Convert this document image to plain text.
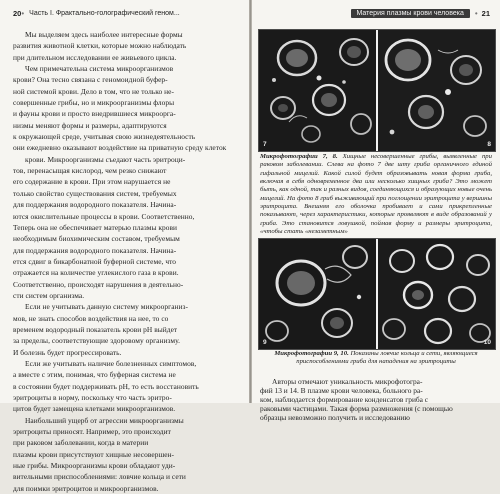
20 • Часть I. Фрактально-голографический геном...
Мы выделяем здесь наиболее интересные формы
развития животной клетки, которые можно наблюдать
при длительном исследовании ее живьевого цикла.
Чем примечательна система микроорганизмов
крови? Она тесно связана с геномоидной буфер-
ной системой крови. Дело в том, что не только не-
совершенные грибы, но и микроорганизмы флоры
и фауны крови и просто внедрившиеся микроорга-
низмы меняют формы и размеры, адаптируются
к окружающей среде, учитывая свою жизнедеятельность
они ежедневно оказывают воздействие на приватную среду клеток
крови. Микроорганизмы съедают часть эритроци-
тов, перенасыщая кислород, чем резко снижают
его содержание в крови. При этом нарушается не
только свойство существования систем, требуемых
для поддержания водородного показателя. Начина-
ются окислительные процессы в крови. Соответственно,
Теперь она не обеспечивает матерью плазмы крови
необходимым биохимическим составом, требуемым
для поддержания водородного показателя. Начина-
ется сдвиг в бикарбонатной буферной системе, что
отражается на количестве углекислого газа в крови.
Соответственно, происходят нарушения в деятельно-
сти систем организма.
Если не учитывать данную систему микроорганиз-
мов, не знать способов воздействия на нее, то со
временем водородный показатель крови pH выйдет
за пределы, соответствующие здоровому организму.
И болезнь будет прогрессировать.
Если же учитывать наличие болезненных симптомов,
а вместе с этим, понимая, что буферная система не
в состоянии будет поддерживать pH, то есть восстановить
эритроциты в норму, поскольку что часть эритро-
цитов будет замещена клетками микроорганизмов.
Наибольший ущерб от агрессии микроорганизмы
эритроциты приносят. Например, это происходит
при раковом заболевании, когда в материи
плазмы крови присутствуют хищные несовершен-
ные грибы. Микроорганизмы крови обладают уди-
вительными приспособлениями: ловчие кольца и сети
для поимки эритроцитов и микроорганизмов.
Материя плазмы крови человека	• 21
7	8
Микрофотографии 7, 8. Хищные несовершенные грибы, выявленные при раковом заболевании. Слева на фото 7 две шту гриба органичного единой гифальной мицелий. Какой силой будет образовывать новая форма гриба, включая в себя одновременное два или несколько хищных гриба? Это может быть, как одной, так и разных видов, соединяющихся и образующих новые очень мицелий. На фото 8 гриб выживающий при поглощении эритроцита у вершины эритроцита. Внешняя его оболочка пробивает и сами прикрепленные показывают, через характеристики, которые проявляют в виде образований у гриба. Это становится ловушкой, поймав форму и размеры эритроцита, «чтобы стать «незаметным»
9	10
Микрофотографии 9, 10. Показаны ловчие кольца и сети, являющиеся приспособлениями гриба для нападения на эритроциты
Авторы отмечают уникальность микрофотогра-
фий 13 и 14. В плазме крови человека, больного ра-
ком, наблюдается формирование конденсатов гриба с
раковыми частицами. Такая форма размножения (с помощью
образцы невозможно получить и исследованию
